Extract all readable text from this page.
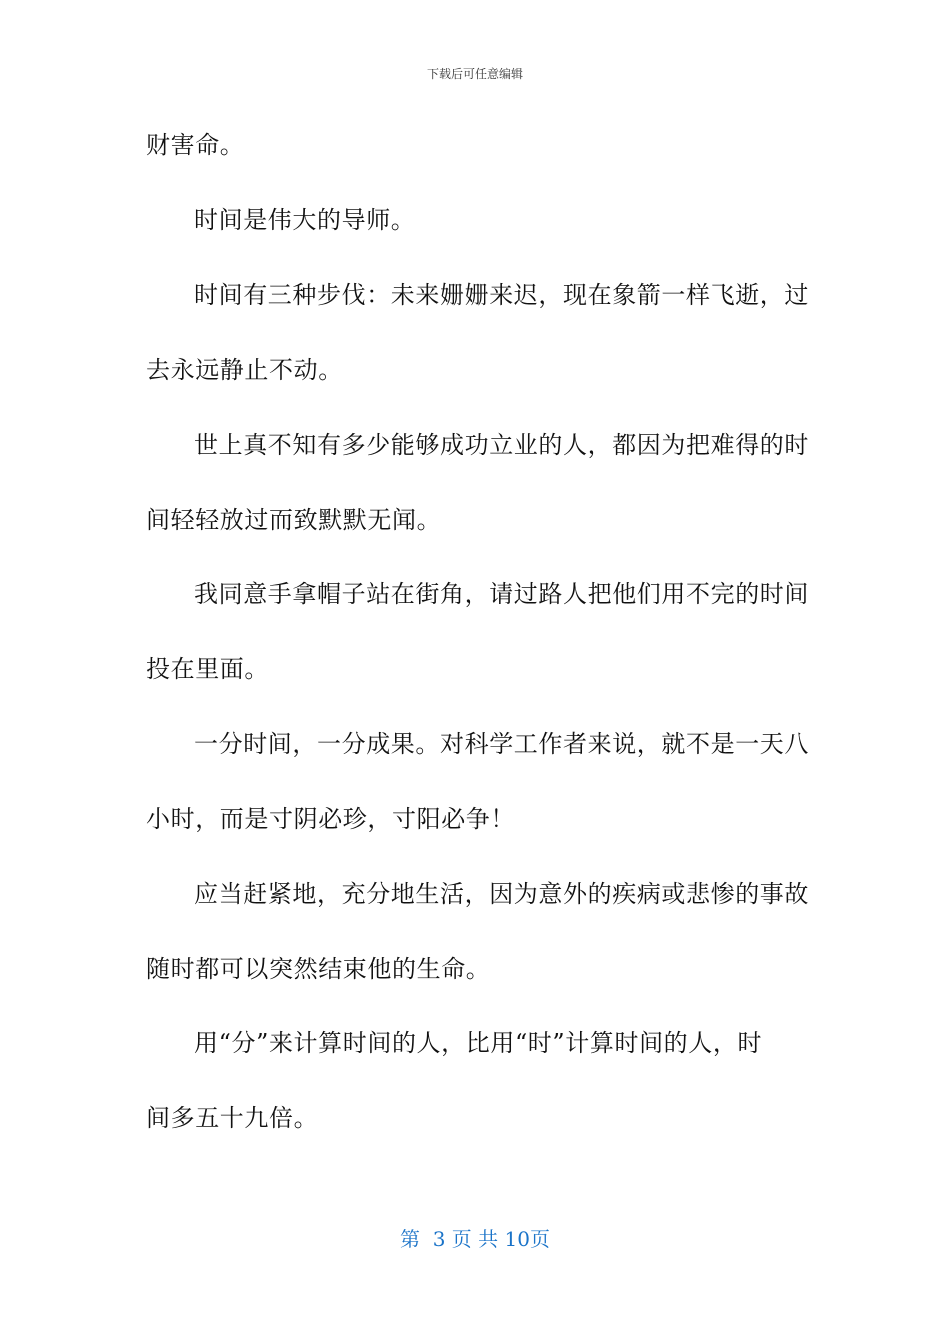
下载后可任意编辑
财害命。
时间是伟大的导师。
时间有三种步伐：未来姗姗来迟，现在象箭一样飞逝，过
去永远静止不动。
世上真不知有多少能够成功立业的人，都因为把难得的时
间轻轻放过而致默默无闻。
我同意手拿帽子站在街角，请过路人把他们用不完的时间
投在里面。
一分时间，一分成果。对科学工作者来说，就不是一天八
小时，而是寸阴必珍，寸阳必争！
应当赶紧地，充分地生活，因为意外的疾病或悲惨的事故
随时都可以突然结束他的生命。
用“分”来计算时间的人，比用“时”计算时间的人，时
间多五十九倍。
第  3 页 共 10页
